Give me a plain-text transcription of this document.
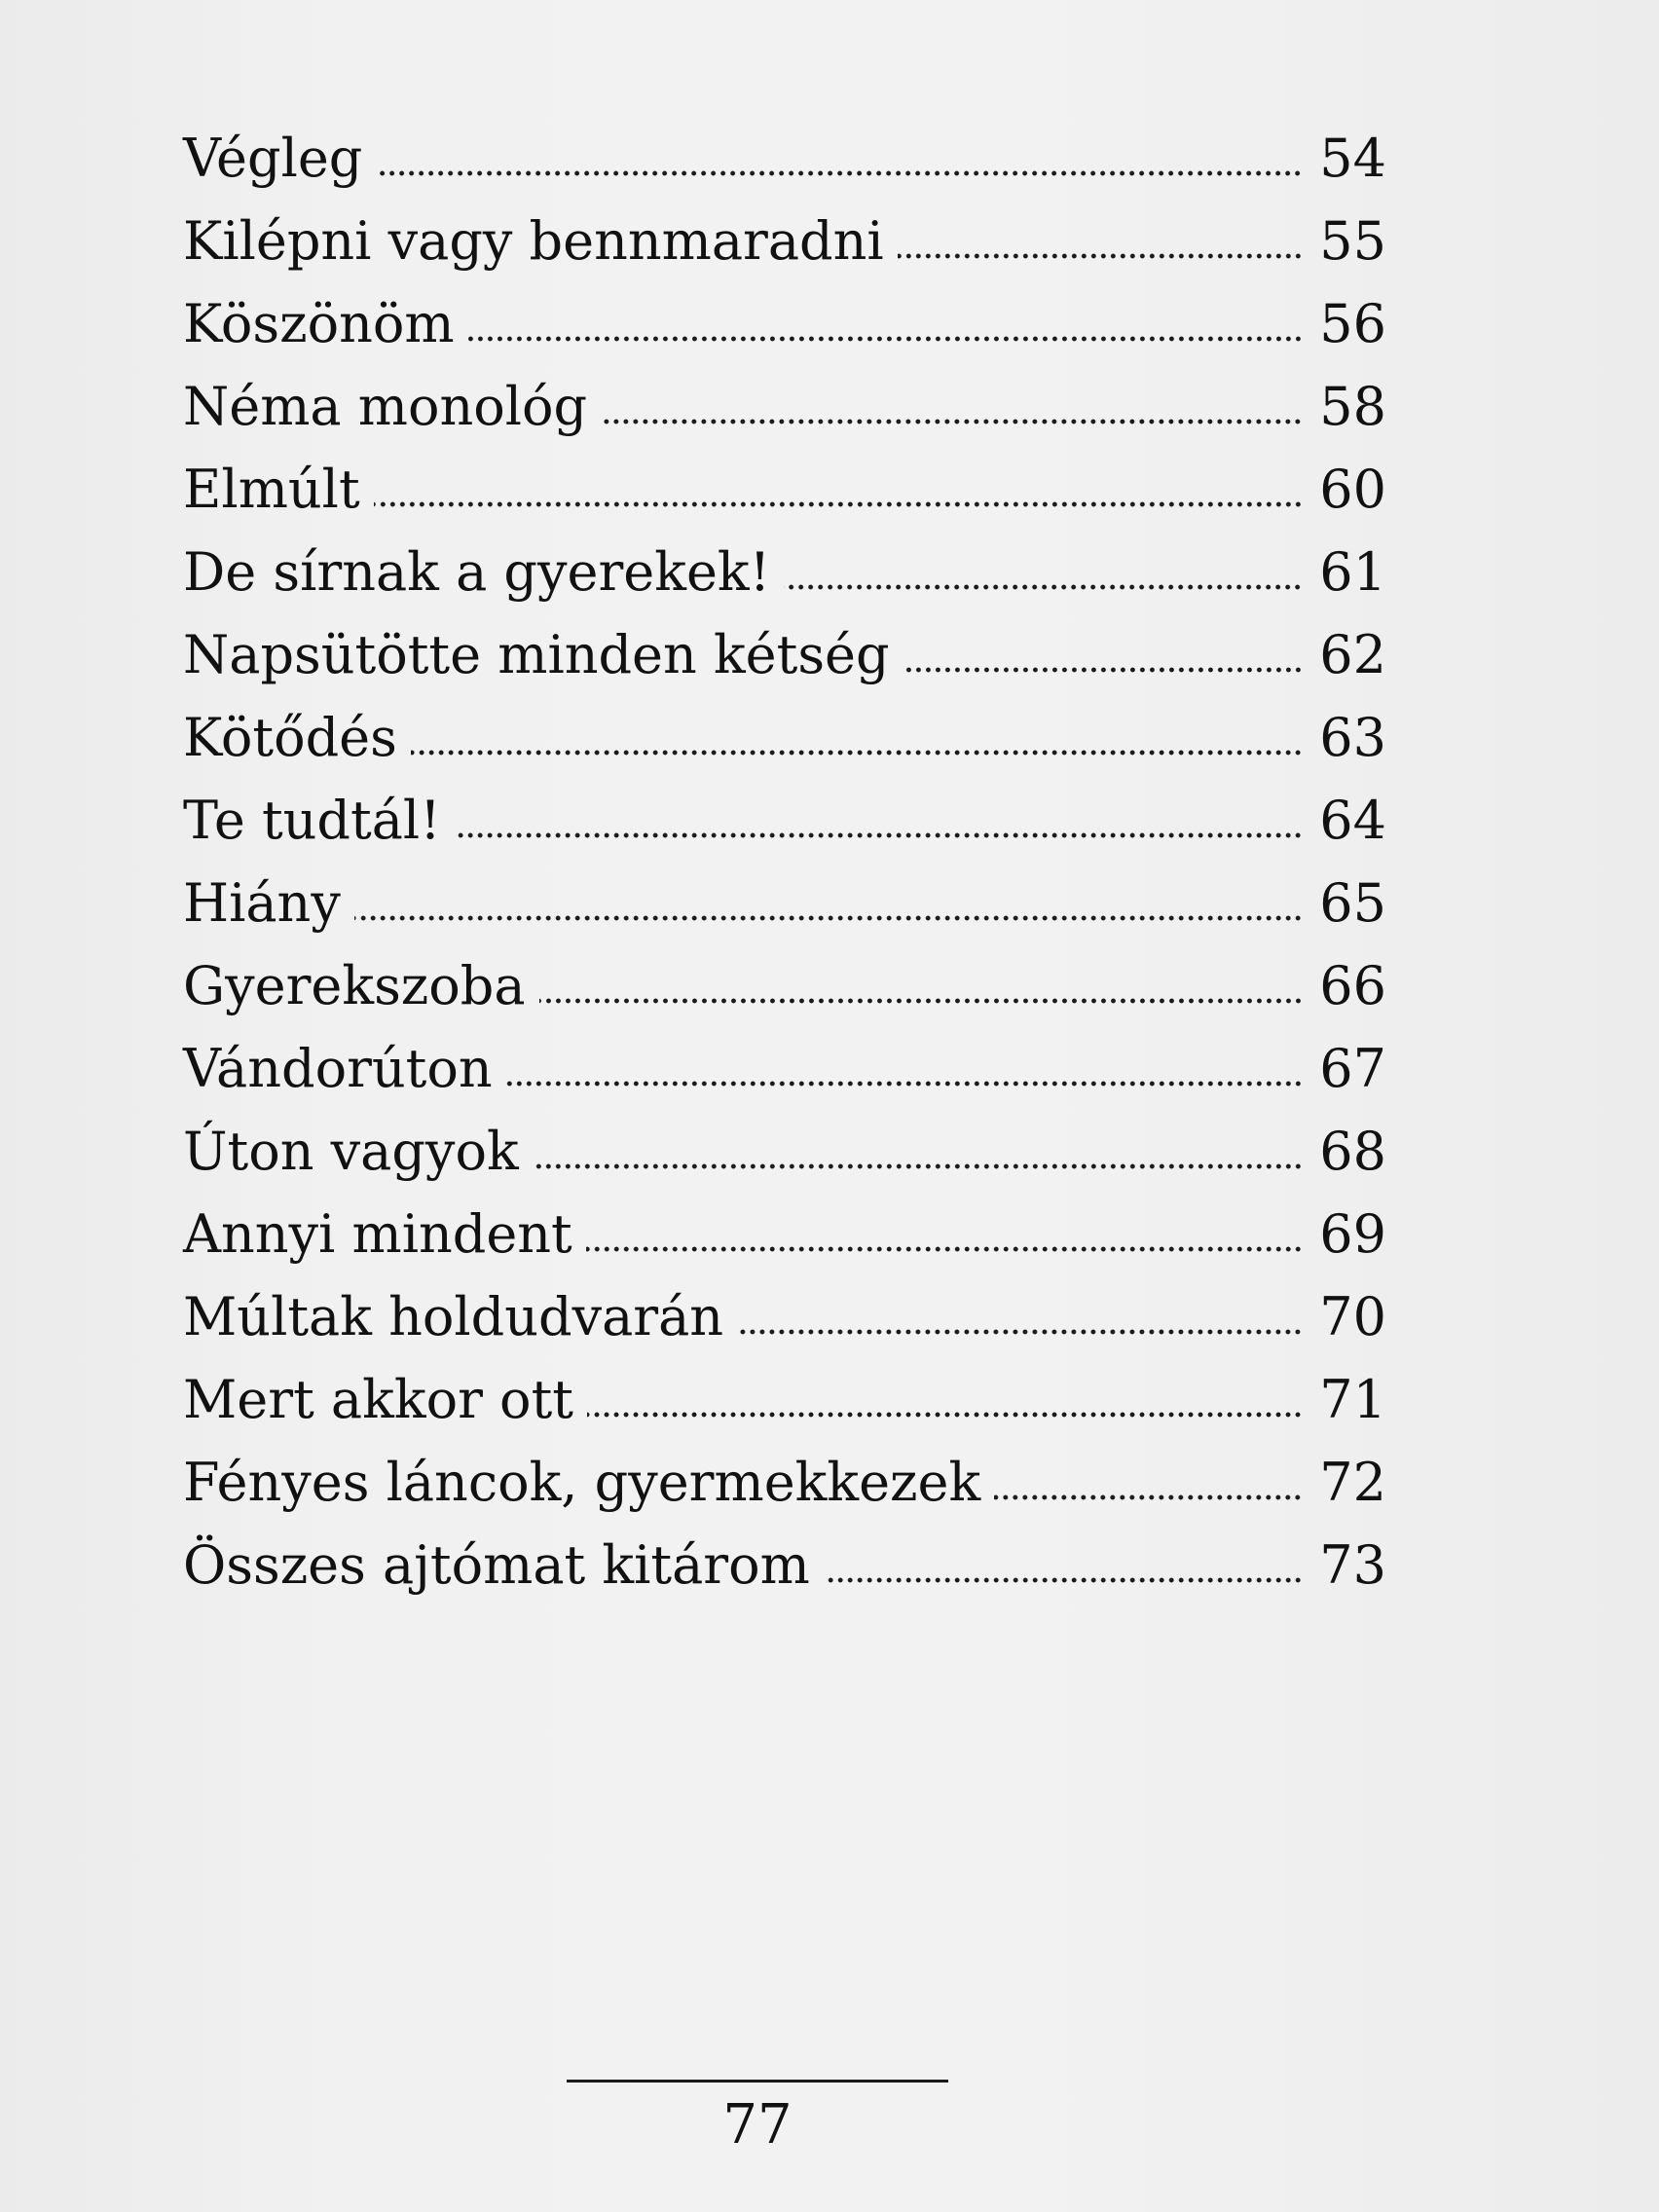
Végleg	54
Kilépni vagy bennmaradni	55
Köszönöm	56
Néma monológ	58
Elmúlt	60
De sírnak a gyerekek!	61
Napsütötte minden kétség	62
Kötődés	63
Te tudtál!	64
Hiány	65
Gyerekszoba	66
Vándorúton	67
Úton vagyok	68
Annyi mindent	69
Múltak holdudvarán	70
Mert akkor ott	71
Fényes láncok, gyermekkezek	72
Összes ajtómat kitárom	73
77
